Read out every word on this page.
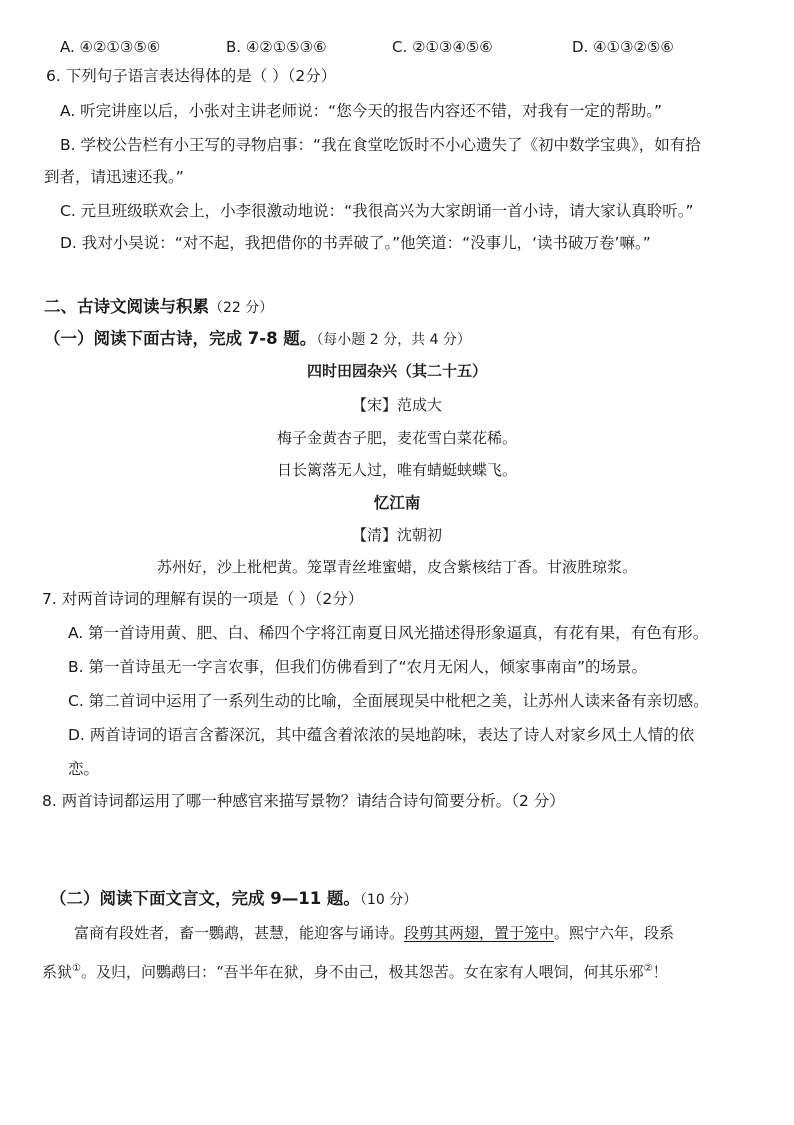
A. ④②①③⑤⑥	B. ④②①⑤③⑥	C. ②①③④⑤⑥	D. ④①③②⑤⑥
6. 下列句子语言表达得体的是（ ）（2分）
A. 听完讲座以后，小张对主讲老师说：“您今天的报告内容还不错，对我有一定的帮助。”
B. 学校公告栏有小王写的寻物启事：“我在食堂吃饭时不小心遗失了《初中数学宝典》，如有拾
到者，请迅速还我。”
C. 元旦班级联欢会上，小李很激动地说：“我很高兴为大家朗诵一首小诗，请大家认真聆听。”
D. 我对小吴说：“对不起，我把借你的书弄破了。”他笑道：“没事儿，‘读书破万卷’嘛。”
二、古诗文阅读与积累（22 分）
（一）阅读下面古诗，完成 7-8 题。（每小题 2 分，共 4 分）
四时田园杂兴（其二十五）
【宋】范成大
梅子金黄杏子肥，麦花雪白菜花稀。
日长篱落无人过，唯有蜻蜓蛱蝶飞。
忆江南
【清】沈朝初
苏州好，沙上枇杷黄。笼罩青丝堆蜜蜡，皮含紫核结丁香。甘液胜琼浆。
7. 对两首诗词的理解有误的一项是（ ）（2分）
A. 第一首诗用黄、肥、白、稀四个字将江南夏日风光描述得形象逼真，有花有果，有色有形。
B. 第一首诗虽无一字言农事，但我们仿佛看到了“农月无闲人，倾家事南亩”的场景。
C. 第二首词中运用了一系列生动的比喻，全面展现吴中枇杷之美，让苏州人读来备有亲切感。
D. 两首诗词的语言含蓄深沉，其中蕴含着浓浓的吴地韵味，表达了诗人对家乡风土人情的依
恋。
8. 两首诗词都运用了哪一种感官来描写景物？请结合诗句简要分析。（2 分）
（二）阅读下面文言文，完成 9—11 题。（10 分）
富商有段姓者，畜一鸚鹉，甚慧，能迎客与诵诗。段剪其两翅，置于笼中。熙宁六年，段系
系狱①。及归，问鸚鹉曰：“吾半年在狱，身不由己，极其怨苦。女在家有人喂饲，何其乐邪②！
